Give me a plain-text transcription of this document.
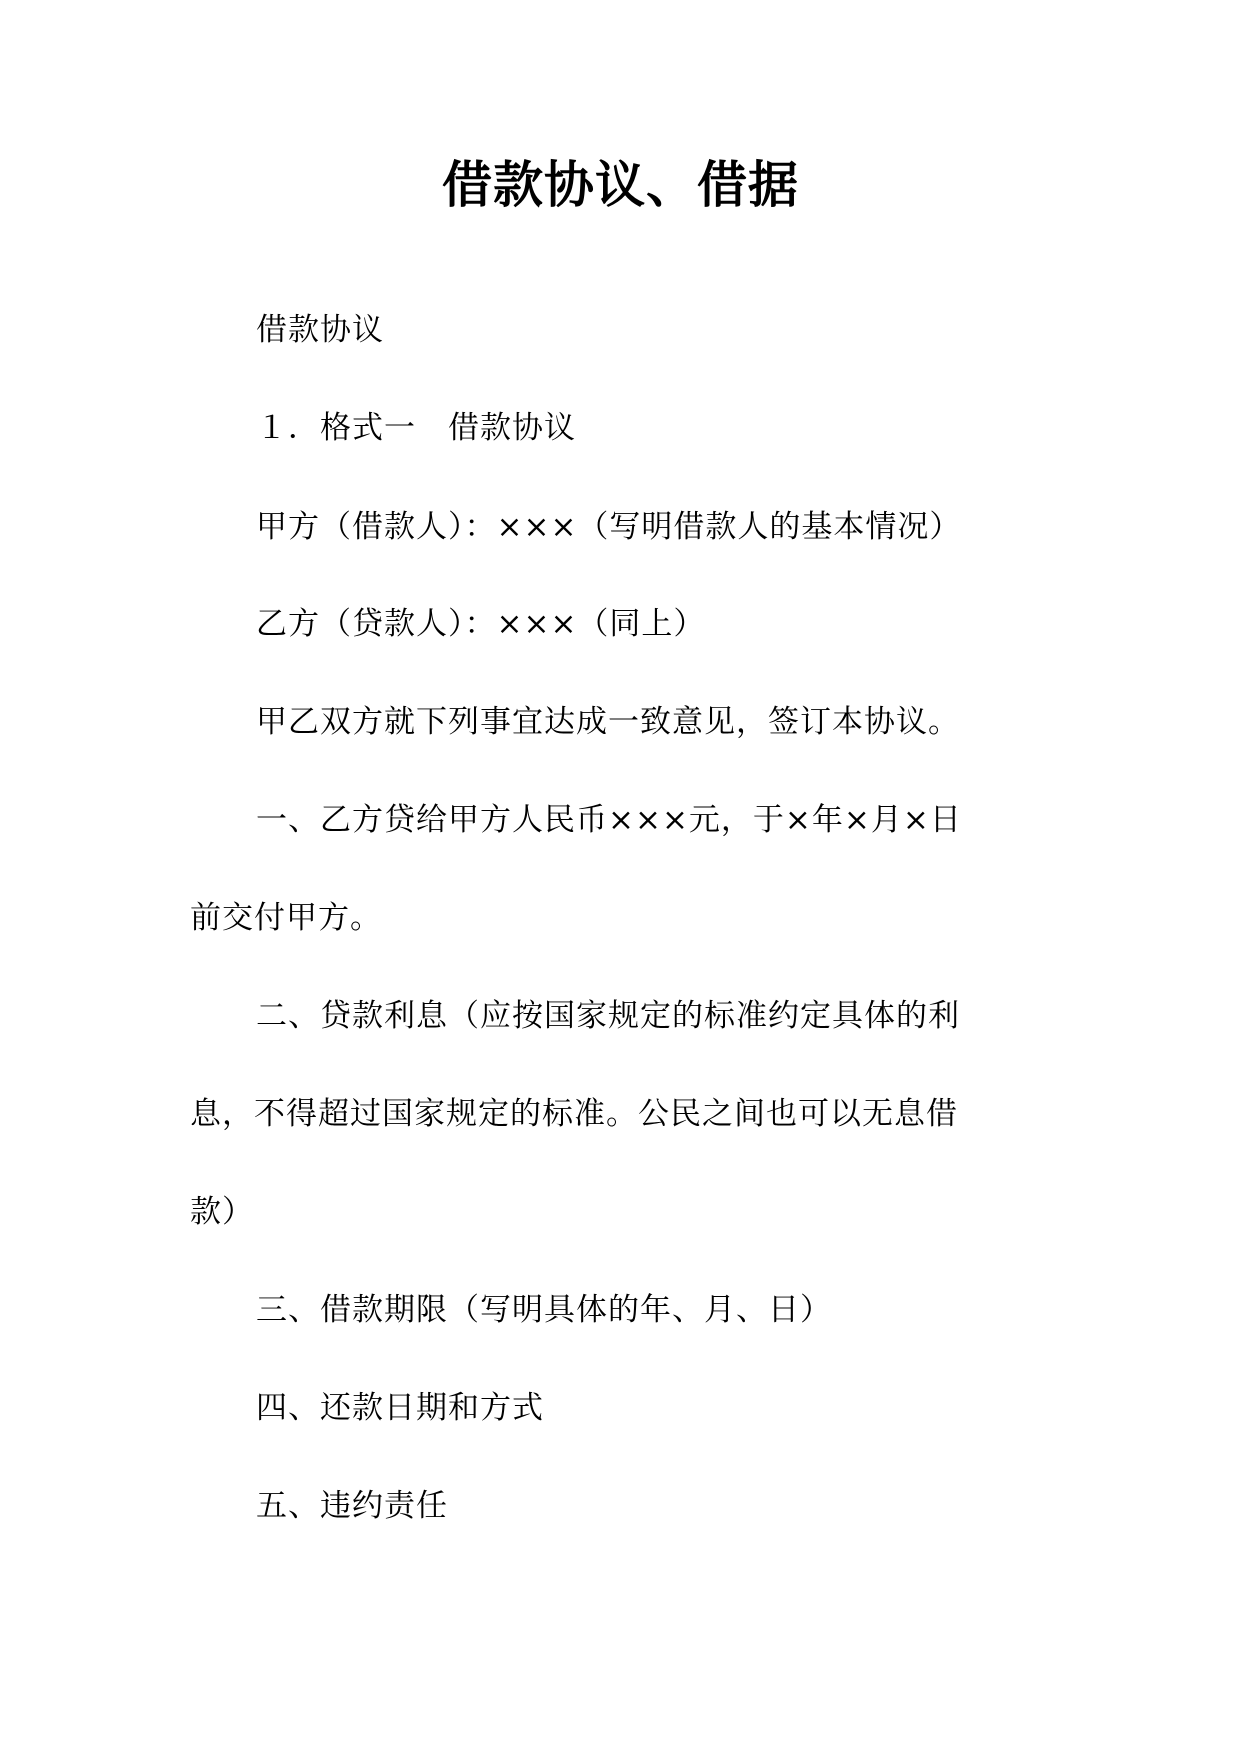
借款协议、借据
借款协议
１．格式一　借款协议
甲方（借款人）：×××（写明借款人的基本情况）
乙方（贷款人）：×××（同上）
甲乙双方就下列事宜达成一致意见，签订本协议。
一、乙方贷给甲方人民币×××元，于×年×月×日
前交付甲方。
二、贷款利息（应按国家规定的标准约定具体的利
息，不得超过国家规定的标准。公民之间也可以无息借
款）
三、借款期限（写明具体的年、月、日）
四、还款日期和方式
五、违约责任
